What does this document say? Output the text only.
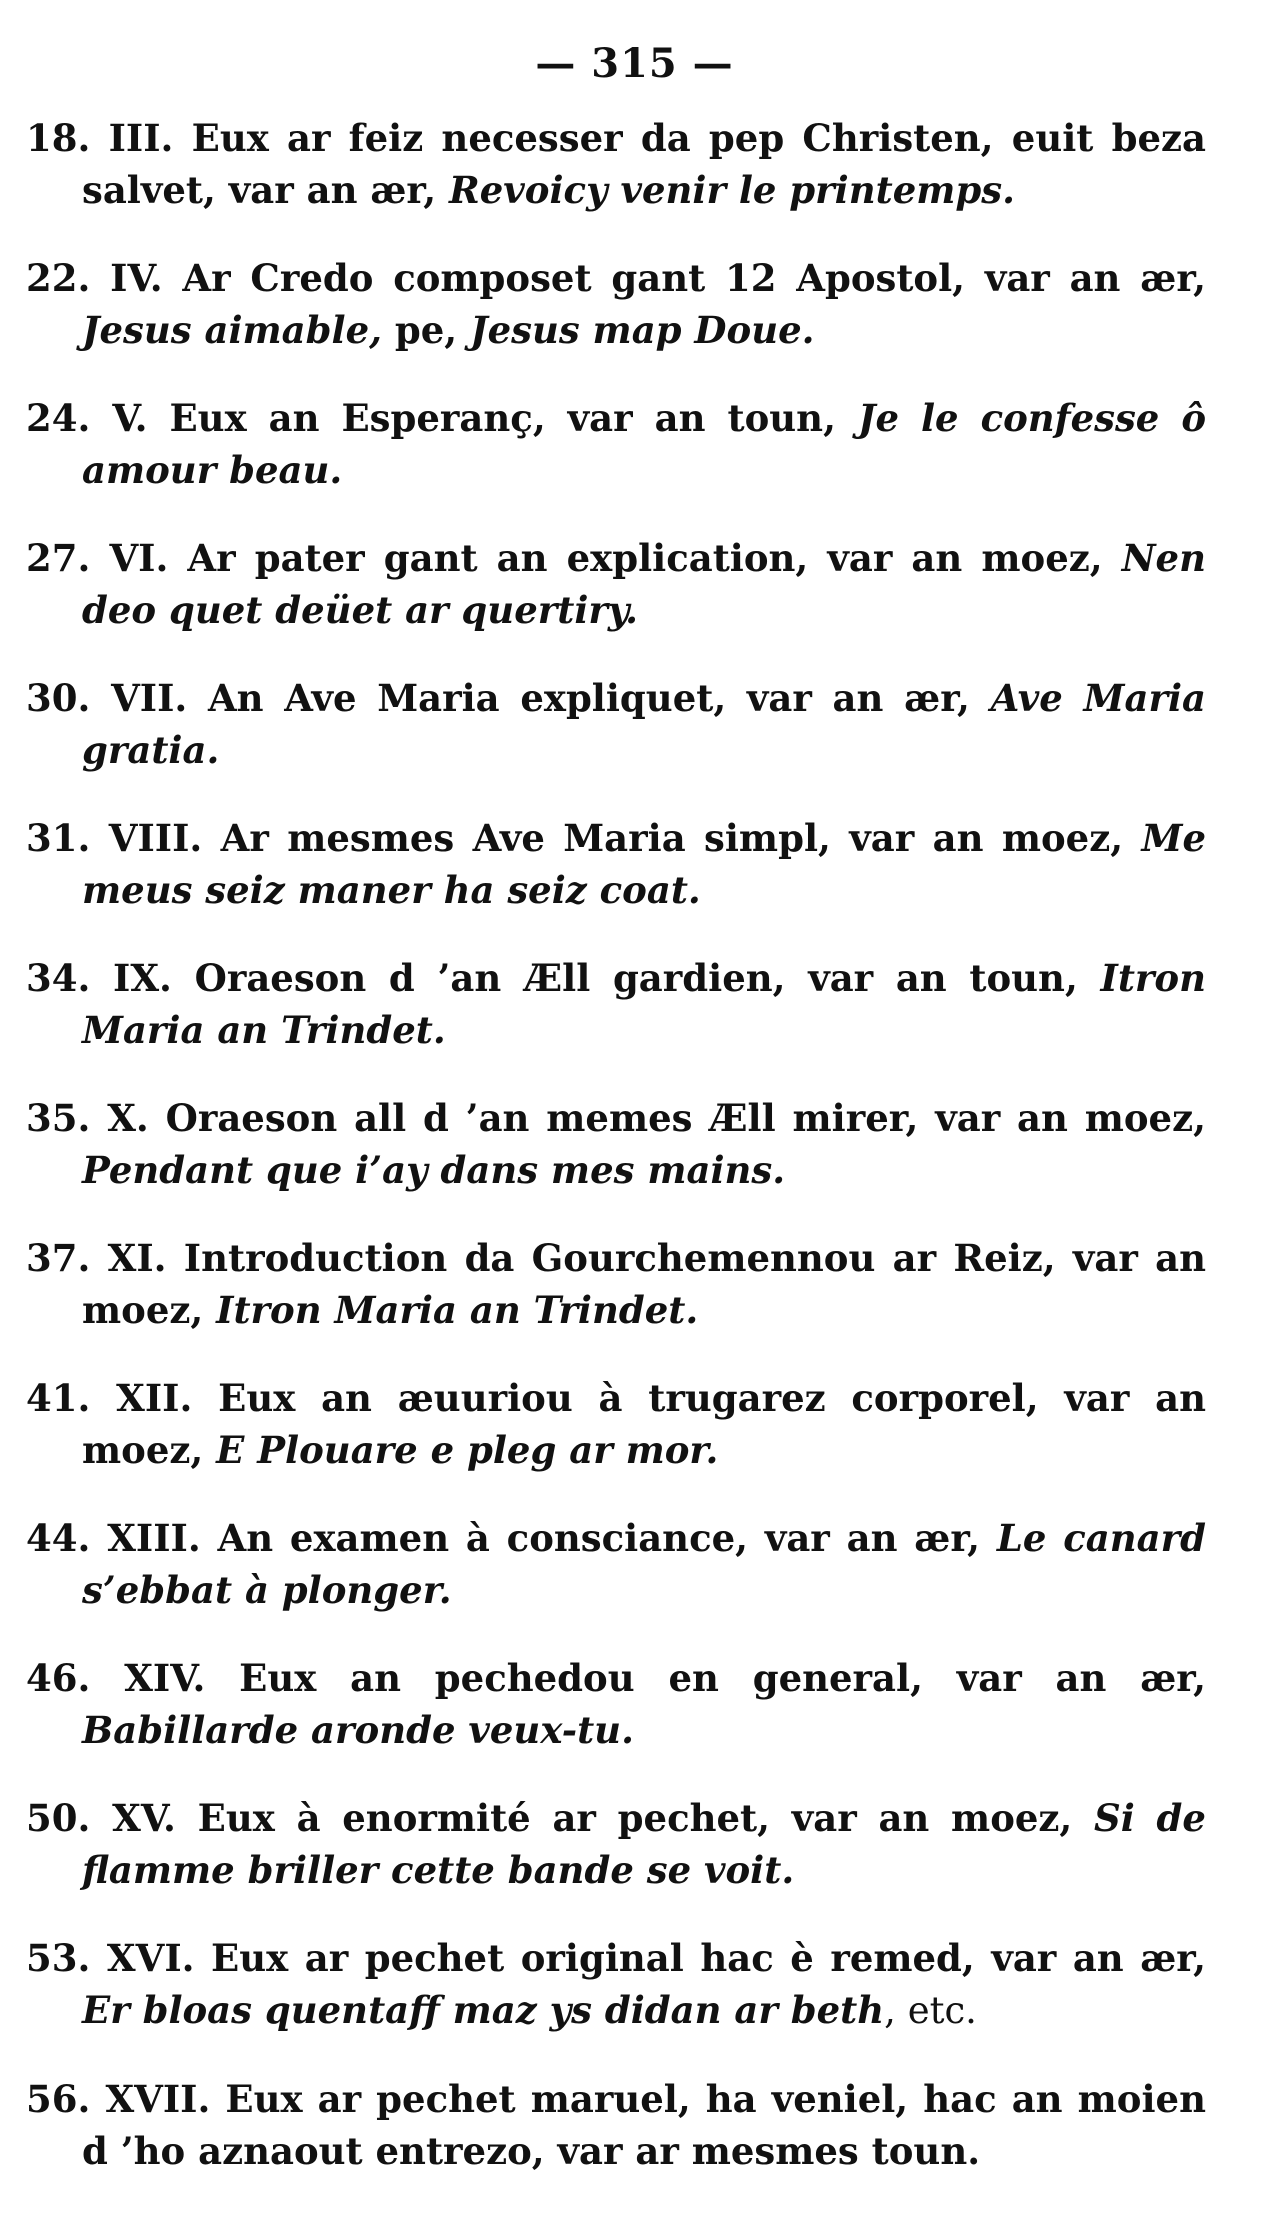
— 315 —
18. III. Eux ar feiz necesser da pep Christen, euit beza salvet, var an ær, Revoicy venir le printemps.
22. IV. Ar Credo composet gant 12 Apostol, var an ær, Jesus aimable, pe, Jesus map Doue.
24. V. Eux an Esperanç, var an toun, Je le confesse ô amour beau.
27. VI. Ar pater gant an explication, var an moez, Nen deo quet deüet ar quertiry.
30. VII. An Ave Maria expliquet, var an ær, Ave Maria gratia.
31. VIII. Ar mesmes Ave Maria simpl, var an moez, Me meus seiz maner ha seiz coat.
34. IX. Oraeson d ’an Æll gardien, var an toun, Itron Maria an Trindet.
35. X. Oraeson all d ’an memes Æll mirer, var an moez, Pendant que i’ay dans mes mains.
37. XI. Introduction da Gourchemennou ar Reiz, var an moez, Itron Maria an Trindet.
41. XII. Eux an æuuriou à trugarez corporel, var an moez, E Plouare e pleg ar mor.
44. XIII. An examen à consciance, var an ær, Le canard s’ebbat à plonger.
46. XIV. Eux an pechedou en general, var an ær, Babillarde aronde veux-tu.
50. XV. Eux à enormité ar pechet, var an moez, Si de flamme briller cette bande se voit.
53. XVI. Eux ar pechet original hac è remed, var an ær, Er bloas quentaff maz ys didan ar beth, etc.
56. XVII. Eux ar pechet maruel, ha veniel, hac an moien d ’ho aznaout entrezo, var ar mesmes toun.
